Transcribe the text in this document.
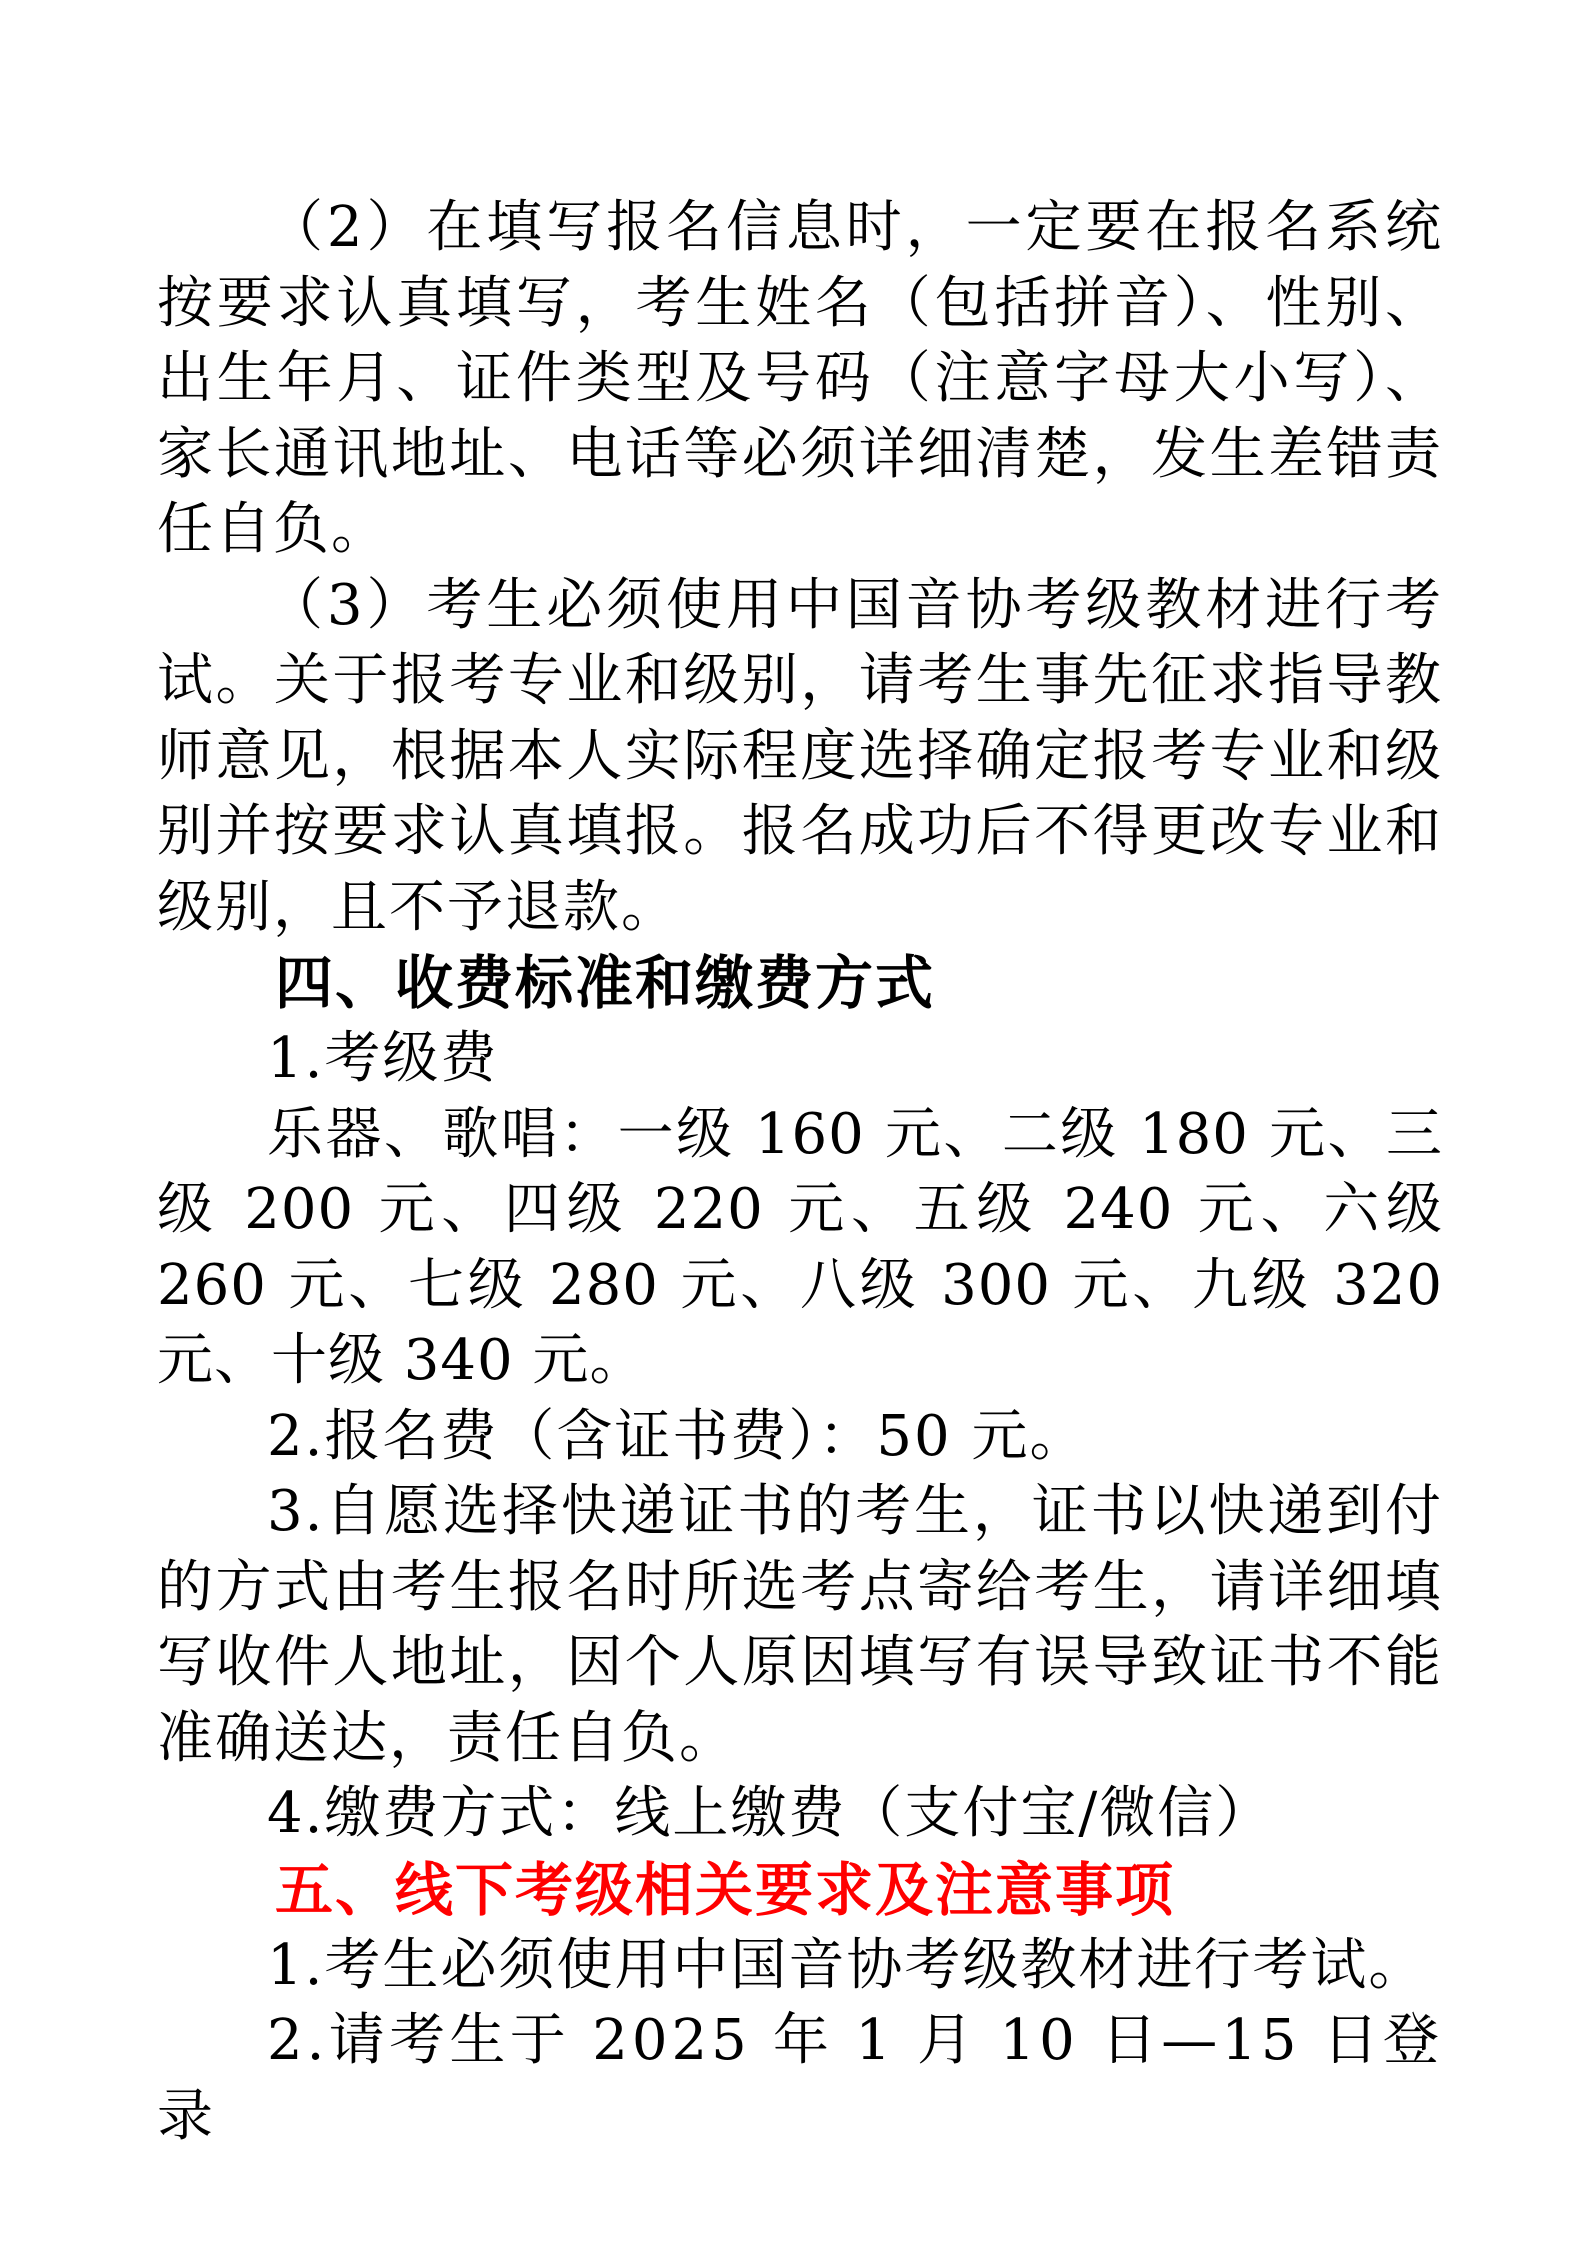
（2）在填写报名信息时，一定要在报名系统按要求认真填写，考生姓名（包括拼音）、性别、出生年月、证件类型及号码（注意字母大小写）、家长通讯地址、电话等必须详细清楚，发生差错责任自负。

（3）考生必须使用中国音协考级教材进行考试。关于报考专业和级别，请考生事先征求指导教师意见，根据本人实际程度选择确定报考专业和级别并按要求认真填报。报名成功后不得更改专业和级别，且不予退款。

四、收费标准和缴费方式

1.考级费

乐器、歌唱：一级 160 元、二级 180 元、三级 200 元、四级 220 元、五级 240 元、六级 260 元、七级 280 元、八级 300 元、九级 320 元、十级 340 元。

2.报名费（含证书费）：50 元。

3.自愿选择快递证书的考生，证书以快递到付的方式由考生报名时所选考点寄给考生，请详细填写收件人地址，因个人原因填写有误导致证书不能准确送达，责任自负。

4.缴费方式：线上缴费（支付宝/微信）

五、线下考级相关要求及注意事项

1.考生必须使用中国音协考级教材进行考试。

2.请考生于 2025 年 1 月 10 日—15 日登录
